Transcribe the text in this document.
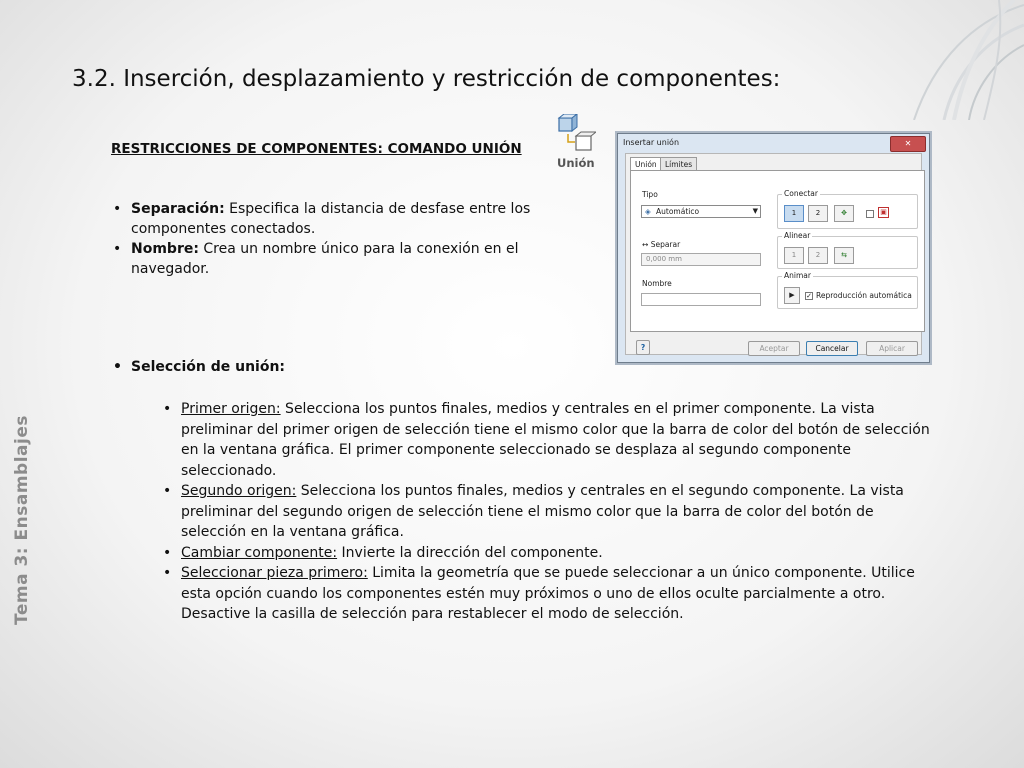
3.2. Inserción, desplazamiento y restricción de componentes:
Tema 3: Ensamblajes
RESTRICCIONES DE COMPONENTES: COMANDO UNIÓN
Unión
• Separación: Especifica la distancia de desfase entre los componentes conectados.
• Nombre: Crea un nombre único para la conexión en el navegador.
• Selección de unión:
• Primer origen: Selecciona los puntos finales, medios y centrales en el primer componente. La vista preliminar del primer origen de selección tiene el mismo color que la barra de color del botón de selección en la ventana gráfica. El primer componente seleccionado se desplaza al segundo componente seleccionado.
• Segundo origen: Selecciona los puntos finales, medios y centrales en el segundo componente. La vista preliminar del segundo origen de selección tiene el mismo color que la barra de color del botón de selección en la ventana gráfica.
• Cambiar componente: Invierte la dirección del componente.
• Seleccionar pieza primero: Limita la geometría que se puede seleccionar a un único componente. Utilice esta opción cuando los componentes estén muy próximos o uno de ellos oculte parcialmente a otro. Desactive la casilla de selección para restablecer el modo de selección.
Insertar unión	✕
Unión	Límites
Tipo
◈ Automático	▼
↔ Separar
0,000 mm
Nombre
Conectar
1	2	✥	▣
Alinear
1	2	⇆
Animar
▶	✓ Reproducción automática
?	Aceptar	Cancelar	Aplicar
